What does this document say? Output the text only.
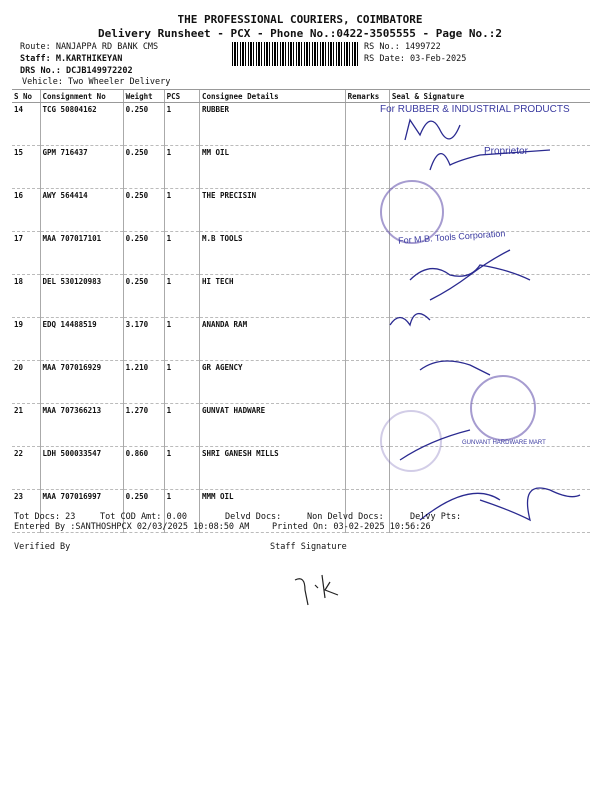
THE PROFESSIONAL COURIERS, COIMBATORE
Delivery Runsheet - PCX - Phone No.:0422-3505555 - Page No.:2
Route: NANJAPPA RD BANK CMS
Staff: M.KARTHIKEYAN
DRS No.: DCJB149972202
Vehicle: Two Wheeler Delivery
RS No.: 1499722
RS Date: 03-Feb-2025
S No	Consignment No	Weight	PCS	Consignee Details	Remarks	Seal & Signature
14	TCG 50804162	0.250	1	RUBBER		
15	GPM 716437	0.250	1	MM OIL		
16	AWY 564414	0.250	1	THE PRECISIN		
17	MAA 707017101	0.250	1	M.B TOOLS		
18	DEL 530120983	0.250	1	HI TECH		
19	EDQ 14488519	3.170	1	ANANDA RAM		
20	MAA 707016929	1.210	1	GR AGENCY		
21	MAA 707366213	1.270	1	GUNVAT HADWARE		
22	LDH 500033547	0.860	1	SHRI GANESH MILLS		
23	MAA 707016997	0.250	1	MMM OIL		
For RUBBER & INDUSTRIAL PRODUCTS
Proprietor
For M.B. Tools Corporation
GUNVANT HARDWARE MART
Tot Docs: 23	Tot COD Amt: 0.00	Delvd Docs:	Non Delvd Docs:	Delvy Pts:
Entered By :SANTHOSHPCX 02/03/2025 10:08:50 AM	Printed On: 03-02-2025 10:56:26
Verified By	Staff Signature
